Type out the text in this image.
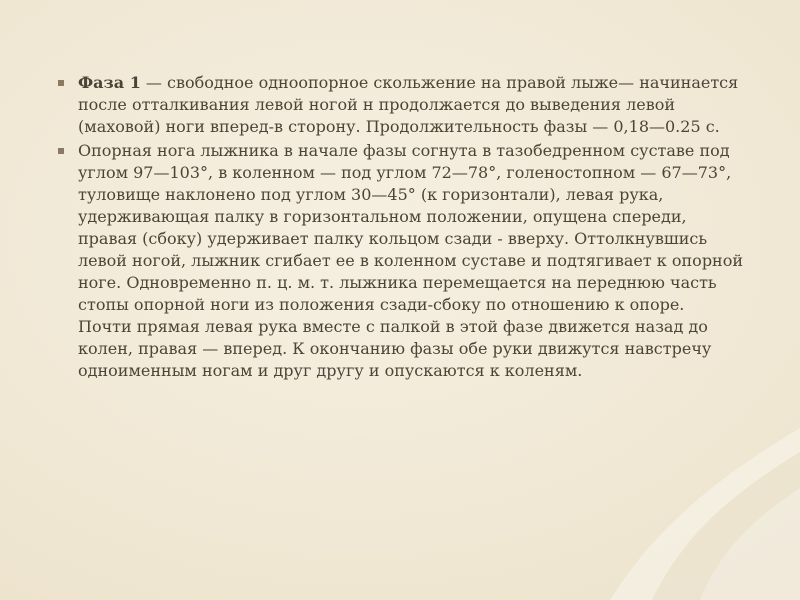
Фаза 1 — свободное одноопорное скольжение на правой лыже— начинается после отталкивания левой ногой н продолжается до выведения левой (маховой) ноги вперед-в сторону. Продолжительность фазы — 0,18—0.25 с.
Опорная нога лыжника в начале фазы согнута в тазобедренном суставе под углом 97—103°, в коленном — под углом 72—78°, голеностопном — 67—73°, туловище наклонено под углом 30—45° (к горизонтали), левая рука, удерживающая палку в горизонтальном положении, опущена спереди, правая (сбоку) удерживает палку кольцом сзади - вверху. Оттолкнувшись левой ногой, лыжник сгибает ее в коленном суставе и подтягивает к опорной ноге. Одновременно п. ц. м. т. лыжника перемещается на переднюю часть стопы опорной ноги из положения сзади-сбоку по отношению к опоре. Почти прямая левая рука вместе с палкой в этой фазе движется назад до колен, правая — вперед. К окончанию фазы обе руки движутся навстречу одноименным ногам и друг другу и опускаются к коленям.
